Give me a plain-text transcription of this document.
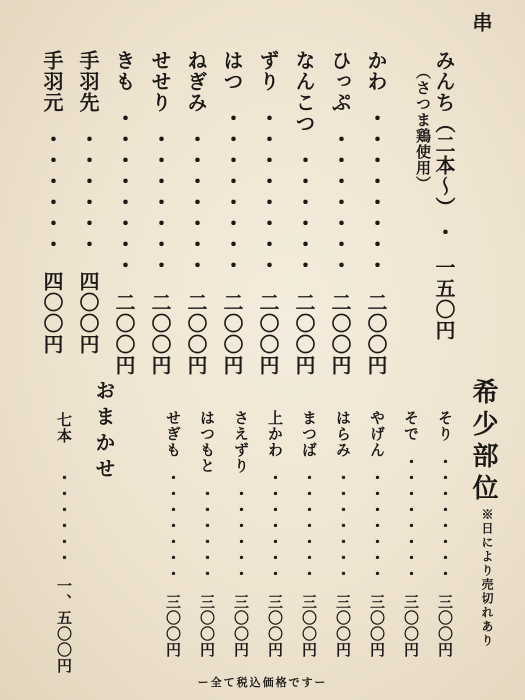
串
みんち（二本〜）・一五〇円
（さつま鶏使用）
かわ・・・・・・・・二〇〇円
ひっぷ・・・・・・・二〇〇円
なんこつ・・・・・・二〇〇円
ずり・・・・・・・・二〇〇円
はつ・・・・・・・・二〇〇円
ねぎみ・・・・・・・二〇〇円
せせり・・・・・・・二〇〇円
きも・・・・・・・・二〇〇円
手羽先・・・・・・四〇〇円
手羽元・・・・・・四〇〇円
希少部位
※日により売切れあり
そり・・・・・・・・三〇〇円
そで・・・・・・・・三〇〇円
やげん・・・・・・・三〇〇円
はらみ・・・・・・・三〇〇円
まつば・・・・・・・三〇〇円
上かわ・・・・・・・三〇〇円
さえずり・・・・・・三〇〇円
はつもと・・・・・・三〇〇円
せぎも・・・・・・・三〇〇円
おまかせ
七本・・・・・・一、五〇〇円
ー全て税込価格ですー
